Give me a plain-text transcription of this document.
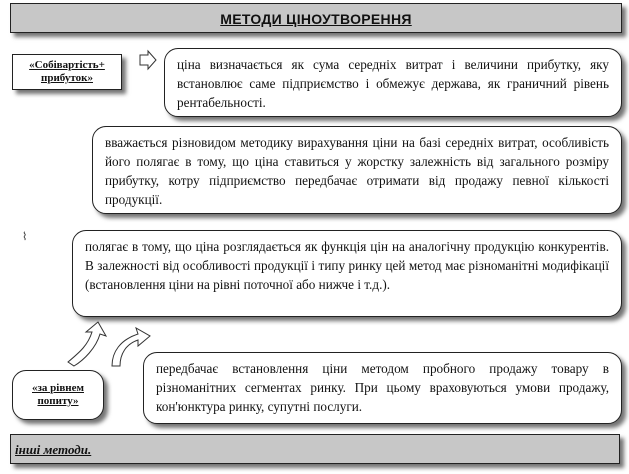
МЕТОДИ ЦІНОУТВОРЕННЯ
«Собівартість+ прибуток»
ціна визначається як сума середніх витрат і величини прибутку, яку встановлює саме підприємство і обмежує держава, як граничний рівень рентабельності.
вважається різновидом методику вирахування ціни на базі середніх витрат, особливість його полягає в тому, що ціна ставиться у жорстку залежність від загального розміру прибутку, котру підприємство передбачає отримати від продажу певної кількості продукції.
⌇
полягає в тому, що ціна розглядається як функція цін на аналогічну продукцію конкурентів. В залежності від особливості продукції і типу ринку цей метод має різноманітні модифікації (встановлення ціни на рівні поточної або нижче і т.д.).
«за рівнем попиту»
передбачає встановлення ціни методом пробного продажу товару в різноманітних сегментах ринку. При цьому враховуються умови продажу, кон'юнктура ринку, супутні послуги.
інші методи.
